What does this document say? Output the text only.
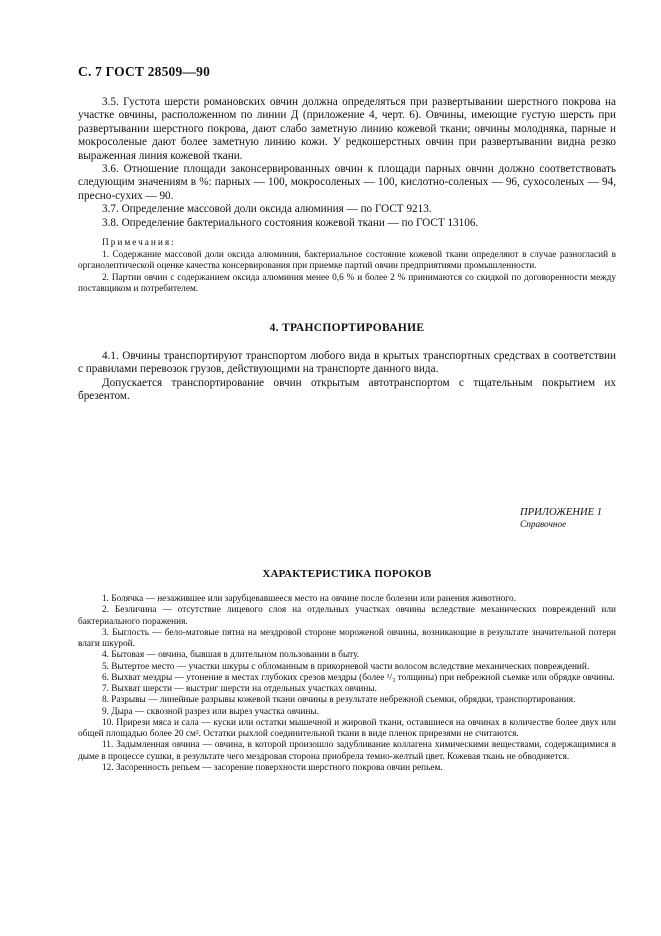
С. 7 ГОСТ 28509—90

3.5. Густота шерсти романовских овчин должна определяться при развертывании шерстного покрова на участке овчины, расположенном по линии Д (приложение 4, черт. 6). Овчины, имеющие густую шерсть при развертывании шерстного покрова, дают слабо заметную линию кожевой ткани; овчины молодняка, парные и мокросоленые дают более заметную линию кожи. У редкошерстных овчин при развертывании видна резко выраженная линия кожевой ткани.

3.6. Отношение площади законсервированных овчин к площади парных овчин должно соответствовать следующим значениям в %: парных — 100, мокросоленых — 100, кислотно-соленых — 96, сухосоленых — 94, пресно-сухих — 90.

3.7. Определение массовой доли оксида алюминия — по ГОСТ 9213.

3.8. Определение бактериального состояния кожевой ткани — по ГОСТ 13106.

Примечания:

1. Содержание массовой доли оксида алюминия, бактериальное состояние кожевой ткани определяют в случае разногласий в органолептической оценке качества консервирования при приемке партий овчин предприятиями промышленности.

2. Партии овчин с содержанием оксида алюминия менее 0,6 % и более 2 % принимаются со скидкой по договоренности между поставщиком и потребителем.

4. ТРАНСПОРТИРОВАНИЕ

4.1. Овчины транспортируют транспортом любого вида в крытых транспортных средствах в соответствии с правилами перевозок грузов, действующими на транспорте данного вида.

Допускается транспортирование овчин открытым автотранспортом с тщательным покрытием их брезентом.

ПРИЛОЖЕНИЕ 1
Справочное
ХАРАКТЕРИСТИКА ПОРОКОВ

1. Болячка — незажившее или зарубцевавшееся место на овчине после болезни или ранения животного.

2. Безличина — отсутствие лицевого слоя на отдельных участках овчины вследствие механических повреждений или бактериального поражения.

3. Быглость — бело-матовые пятна на мездровой стороне мороженой овчины, возникающие в результате значительной потери влаги шкурой.

4. Бытовая — овчина, бывшая в длительном пользовании в быту.

5. Вытертое место — участки шкуры с обломанным в прикорневой части волосом вследствие механических повреждений.

6. Выхват мездры — утонение в местах глубоких срезов мездры (более ¹/₃ толщины) при небрежной съемке или обрядке овчины.

7. Выхват шерсти — выстриг шерсти на отдельных участках овчины.

8. Разрывы — линейные разрывы кожевой ткани овчины в результате небрежной съемки, обрядки, транспортирования.

9. Дыра — сквозной разрез или вырез участка овчины.

10. Прирези мяса и сала — куски или остатки мышечной и жировой ткани, оставшиеся на овчинах в количестве более двух или общей площадью более 20 см². Остатки рыхлой соединительной ткани в виде пленок прирезями не считаются.

11. Задымленная овчина — овчина, в которой произошло задубливание коллагена химическими веществами, содержащимися в дыме в процессе сушки, в результате чего мездровая сторона приобрела темно-желтый цвет. Кожевая ткань не обводняется.

12. Засоренность репьем — засорение поверхности шерстного покрова овчин репьем.
